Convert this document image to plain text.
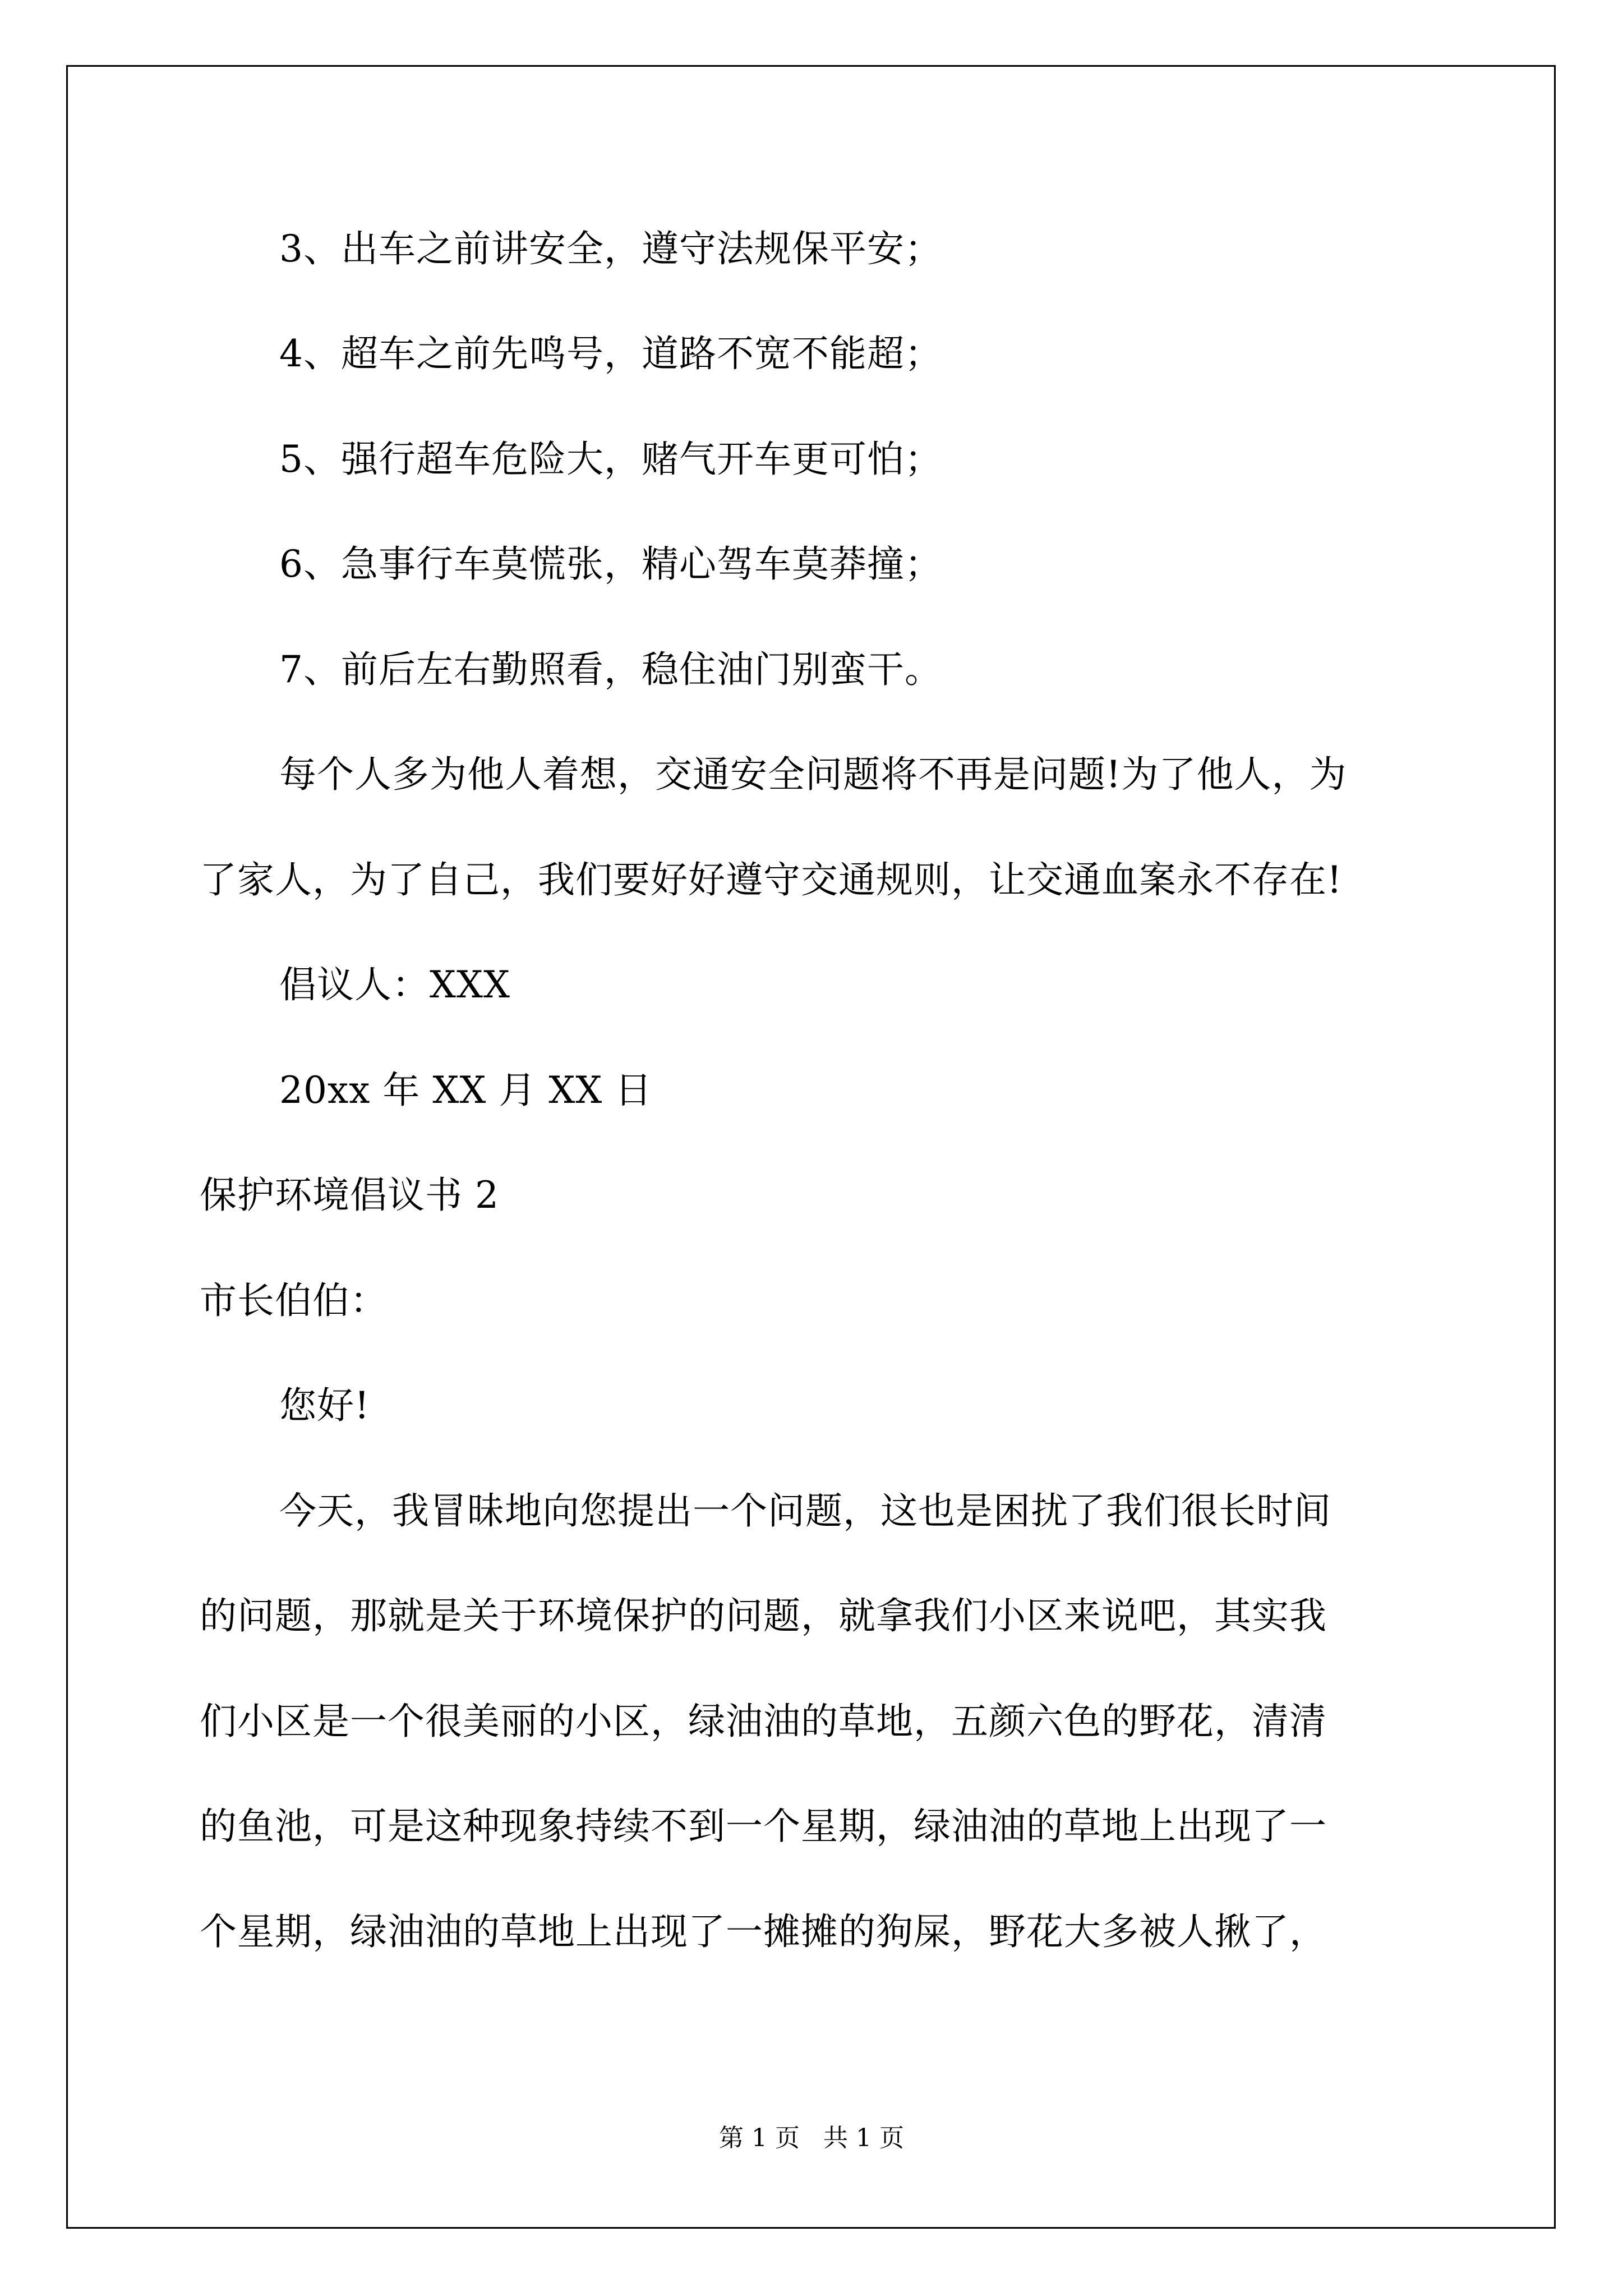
3、出车之前讲安全，遵守法规保平安；
4、超车之前先鸣号，道路不宽不能超；
5、强行超车危险大，赌气开车更可怕；
6、急事行车莫慌张，精心驾车莫莽撞；
7、前后左右勤照看，稳住油门别蛮干。
每个人多为他人着想，交通安全问题将不再是问题!为了他人，为
了家人，为了自己，我们要好好遵守交通规则，让交通血案永不存在!
倡议人：XXX
20xx 年 XX 月 XX 日
保护环境倡议书 2
市长伯伯：
您好!
今天，我冒昧地向您提出一个问题，这也是困扰了我们很长时间
的问题，那就是关于环境保护的问题，就拿我们小区来说吧，其实我
们小区是一个很美丽的小区，绿油油的草地，五颜六色的野花，清清
的鱼池，可是这种现象持续不到一个星期，绿油油的草地上出现了一
个星期，绿油油的草地上出现了一摊摊的狗屎，野花大多被人揪了，
第 1 页   共 1 页
